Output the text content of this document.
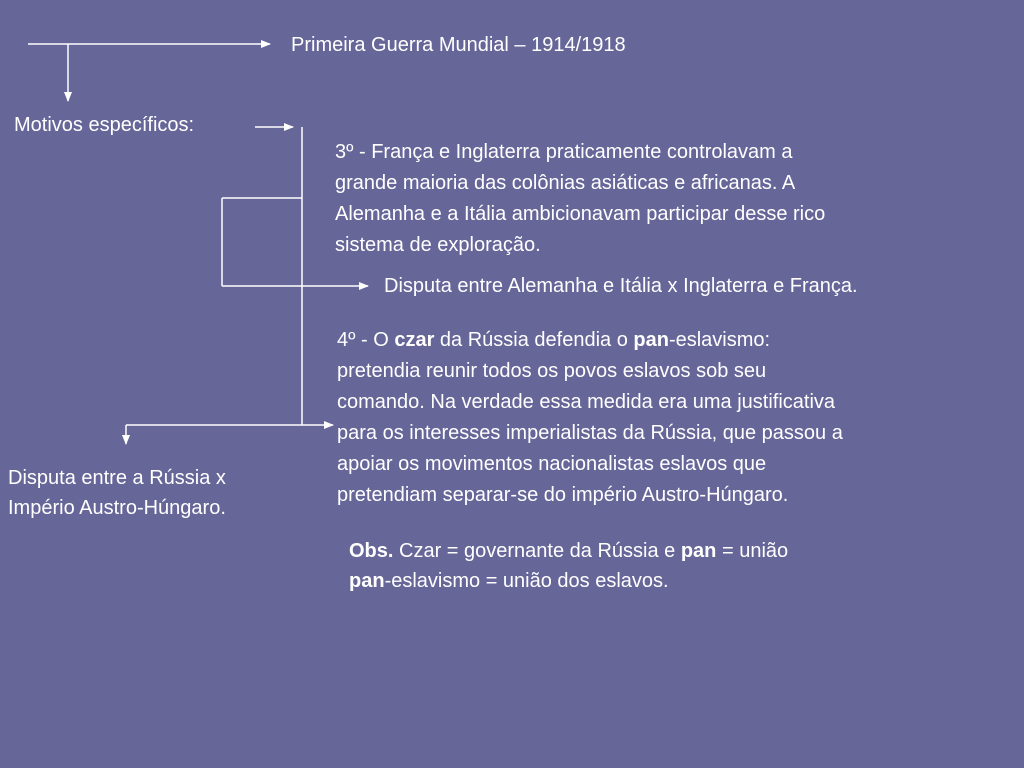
Primeira Guerra Mundial – 1914/1918
Motivos específicos:
3º - França e Inglaterra praticamente controlavam a
grande maioria das colônias asiáticas e africanas. A
Alemanha e a Itália ambicionavam participar desse rico
sistema de exploração.
Disputa entre Alemanha e Itália x Inglaterra e França.
4º - O czar da Rússia defendia o pan-eslavismo:
pretendia reunir todos os povos eslavos sob seu
comando. Na verdade essa medida era uma justificativa
para os interesses imperialistas da Rússia, que passou a
apoiar os movimentos nacionalistas eslavos que
pretendiam separar-se do império Austro-Húngaro.
Disputa entre a Rússia x
Império Austro-Húngaro.
Obs. Czar = governante da Rússia e pan = união
pan-eslavismo = união dos eslavos.
